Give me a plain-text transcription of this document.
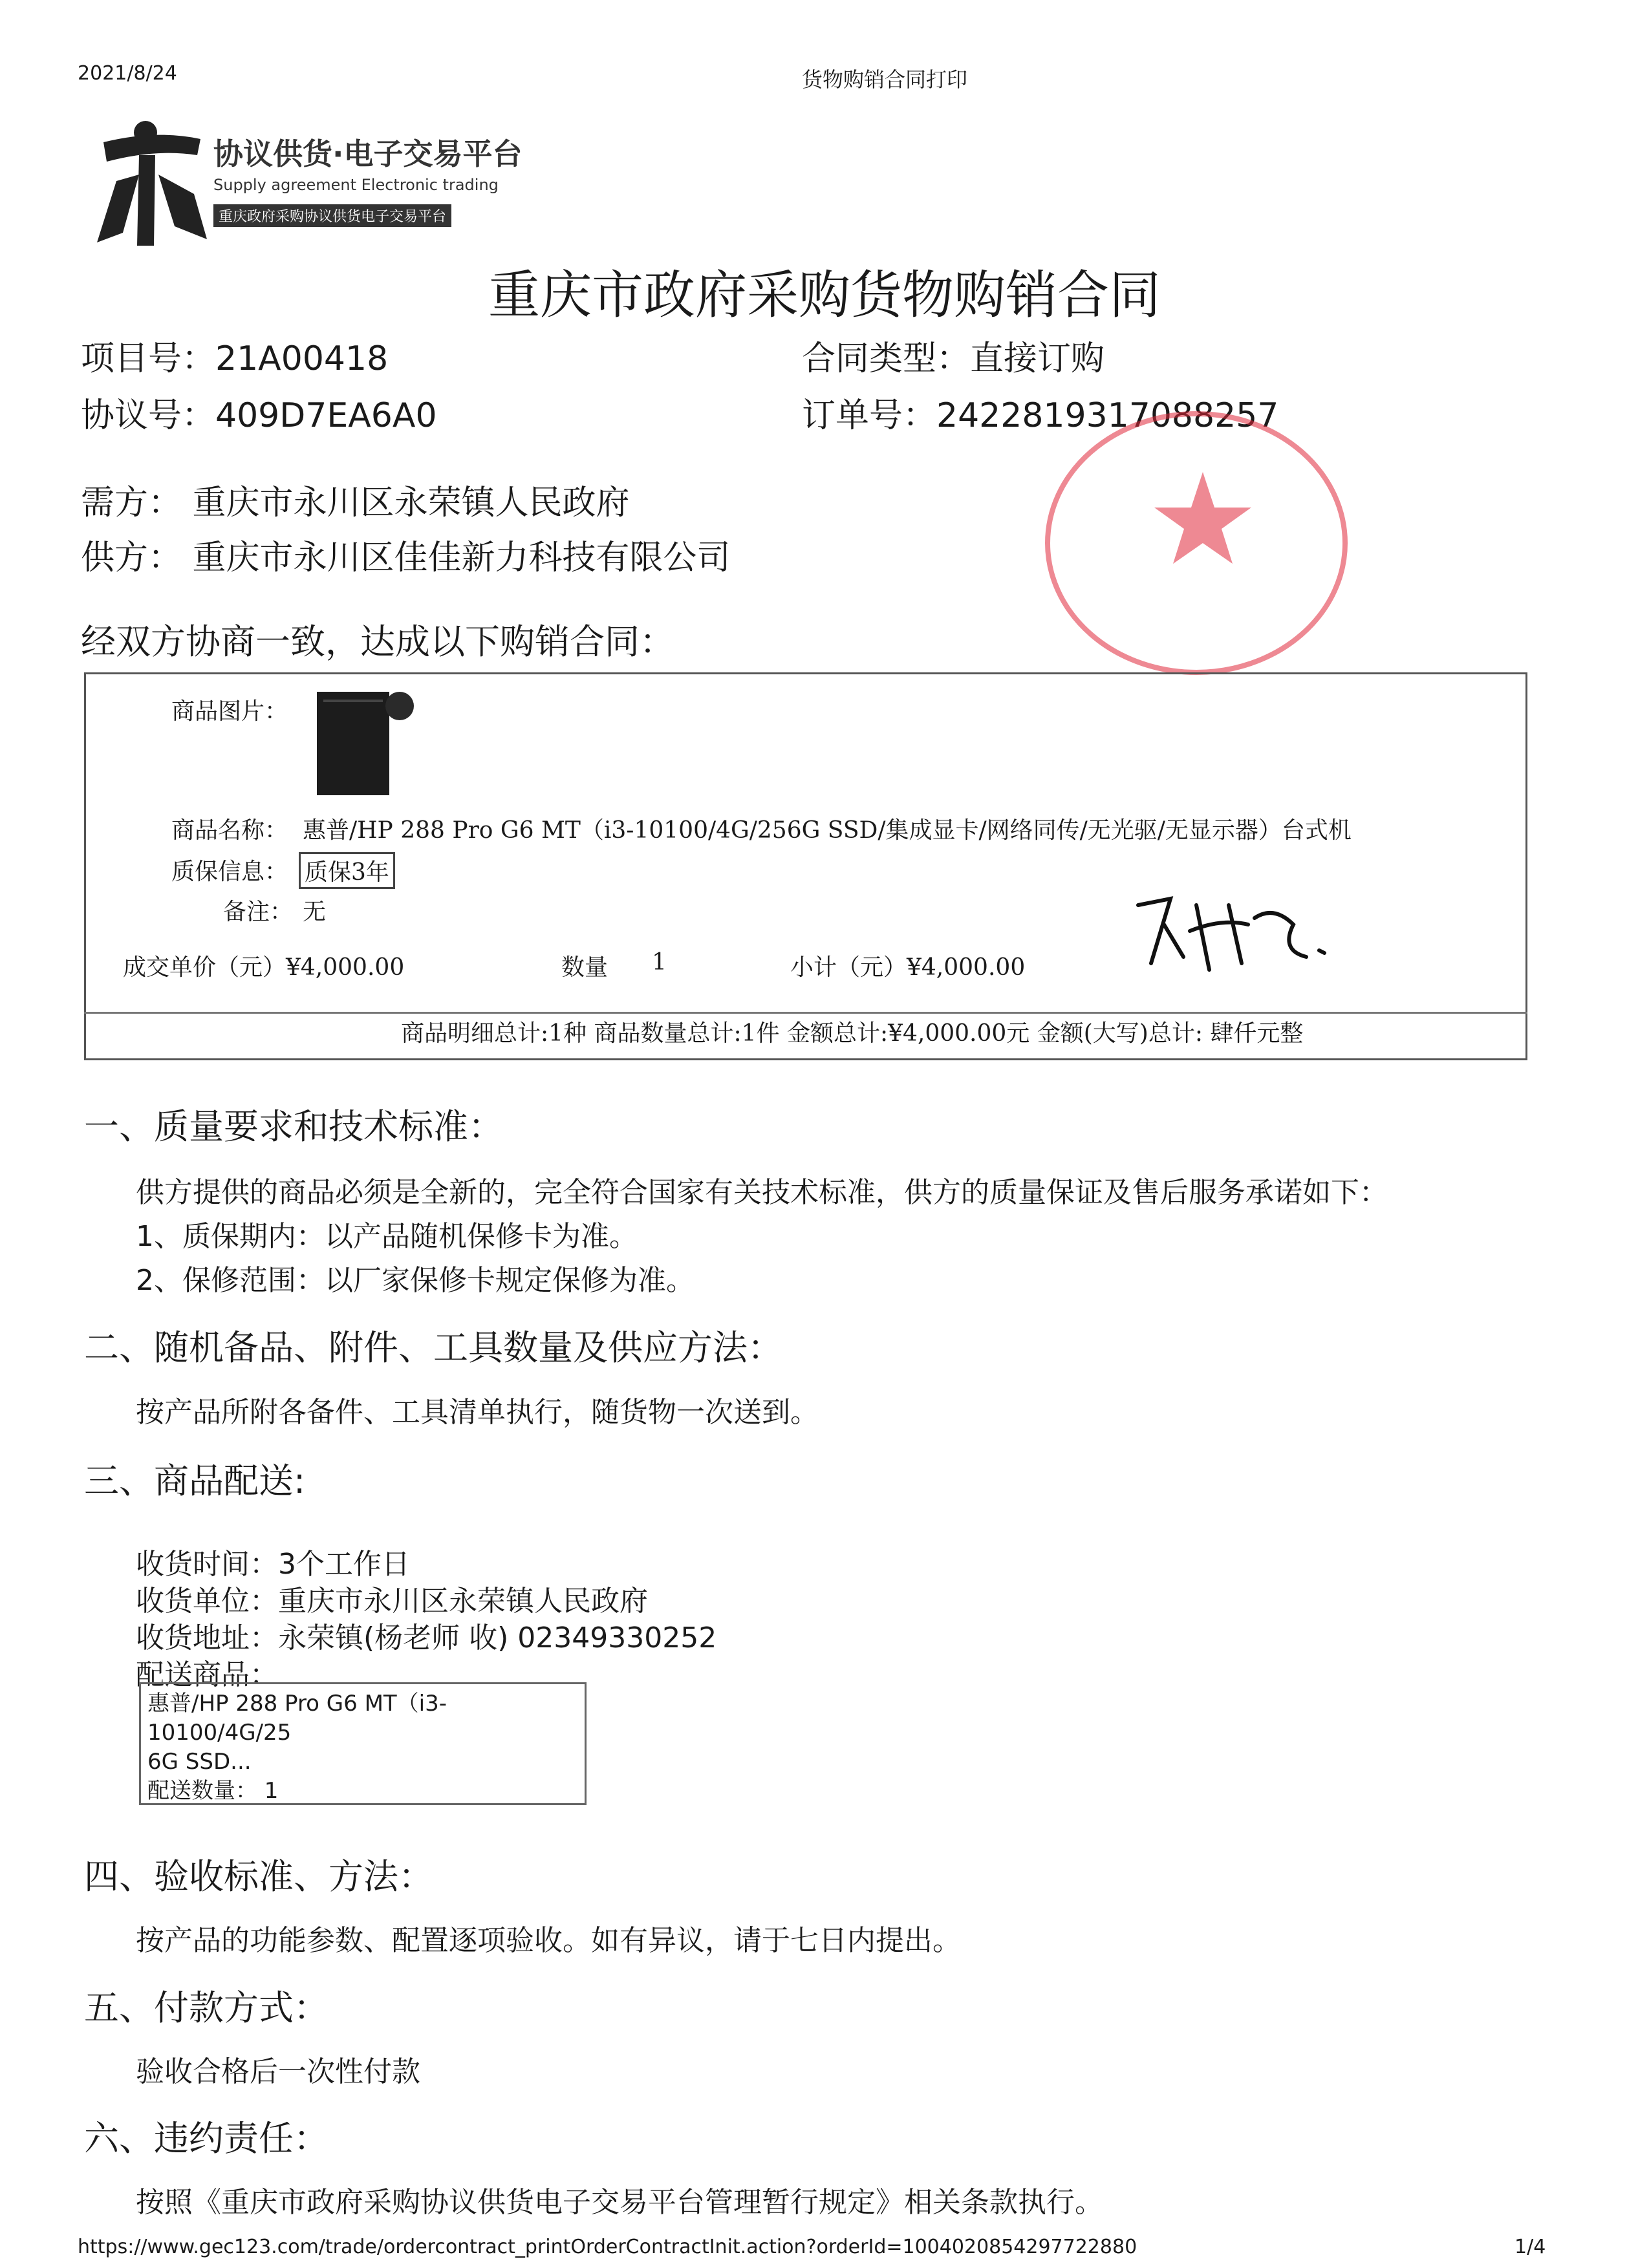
2021/8/24	货物购销合同打印
协议供货·电子交易平台
Supply agreement Electronic trading
重庆政府采购协议供货电子交易平台
重庆市政府采购货物购销合同
项目号：21A00418
协议号：409D7EA6A0
合同类型：直接订购
订单号：2422819317088257
需方： 重庆市永川区永荣镇人民政府
供方： 重庆市永川区佳佳新力科技有限公司
经双方协商一致，达成以下购销合同：
商品图片：
商品名称： 惠普/HP 288 Pro G6 MT（i3-10100/4G/256G SSD/集成显卡/网络同传/无光驱/无显示器）台式机
质保信息： 质保3年
备注： 无
成交单价（元）¥4,000.00	数量 1	小计（元）¥4,000.00
商品明细总计:1种 商品数量总计:1件 金额总计:¥4,000.00元 金额(大写)总计: 肆仟元整
一、质量要求和技术标准：
供方提供的商品必须是全新的，完全符合国家有关技术标准，供方的质量保证及售后服务承诺如下：
1、质保期内：以产品随机保修卡为准。
2、保修范围：以厂家保修卡规定保修为准。
二、随机备品、附件、工具数量及供应方法：
按产品所附各备件、工具清单执行，随货物一次送到。
三、商品配送:
收货时间：3个工作日
收货单位：重庆市永川区永荣镇人民政府
收货地址：永荣镇(杨老师 收) 02349330252
配送商品：
惠普/HP 288 Pro G6 MT（i3-10100/4G/25
6G SSD...
配送数量： 1
四、验收标准、方法：
按产品的功能参数、配置逐项验收。如有异议，请于七日内提出。
五、付款方式：
验收合格后一次性付款
六、违约责任：
按照《重庆市政府采购协议供货电子交易平台管理暂行规定》相关条款执行。
https://www.gec123.com/trade/ordercontract_printOrderContractInit.action?orderId=1004020854297722880	1/4
